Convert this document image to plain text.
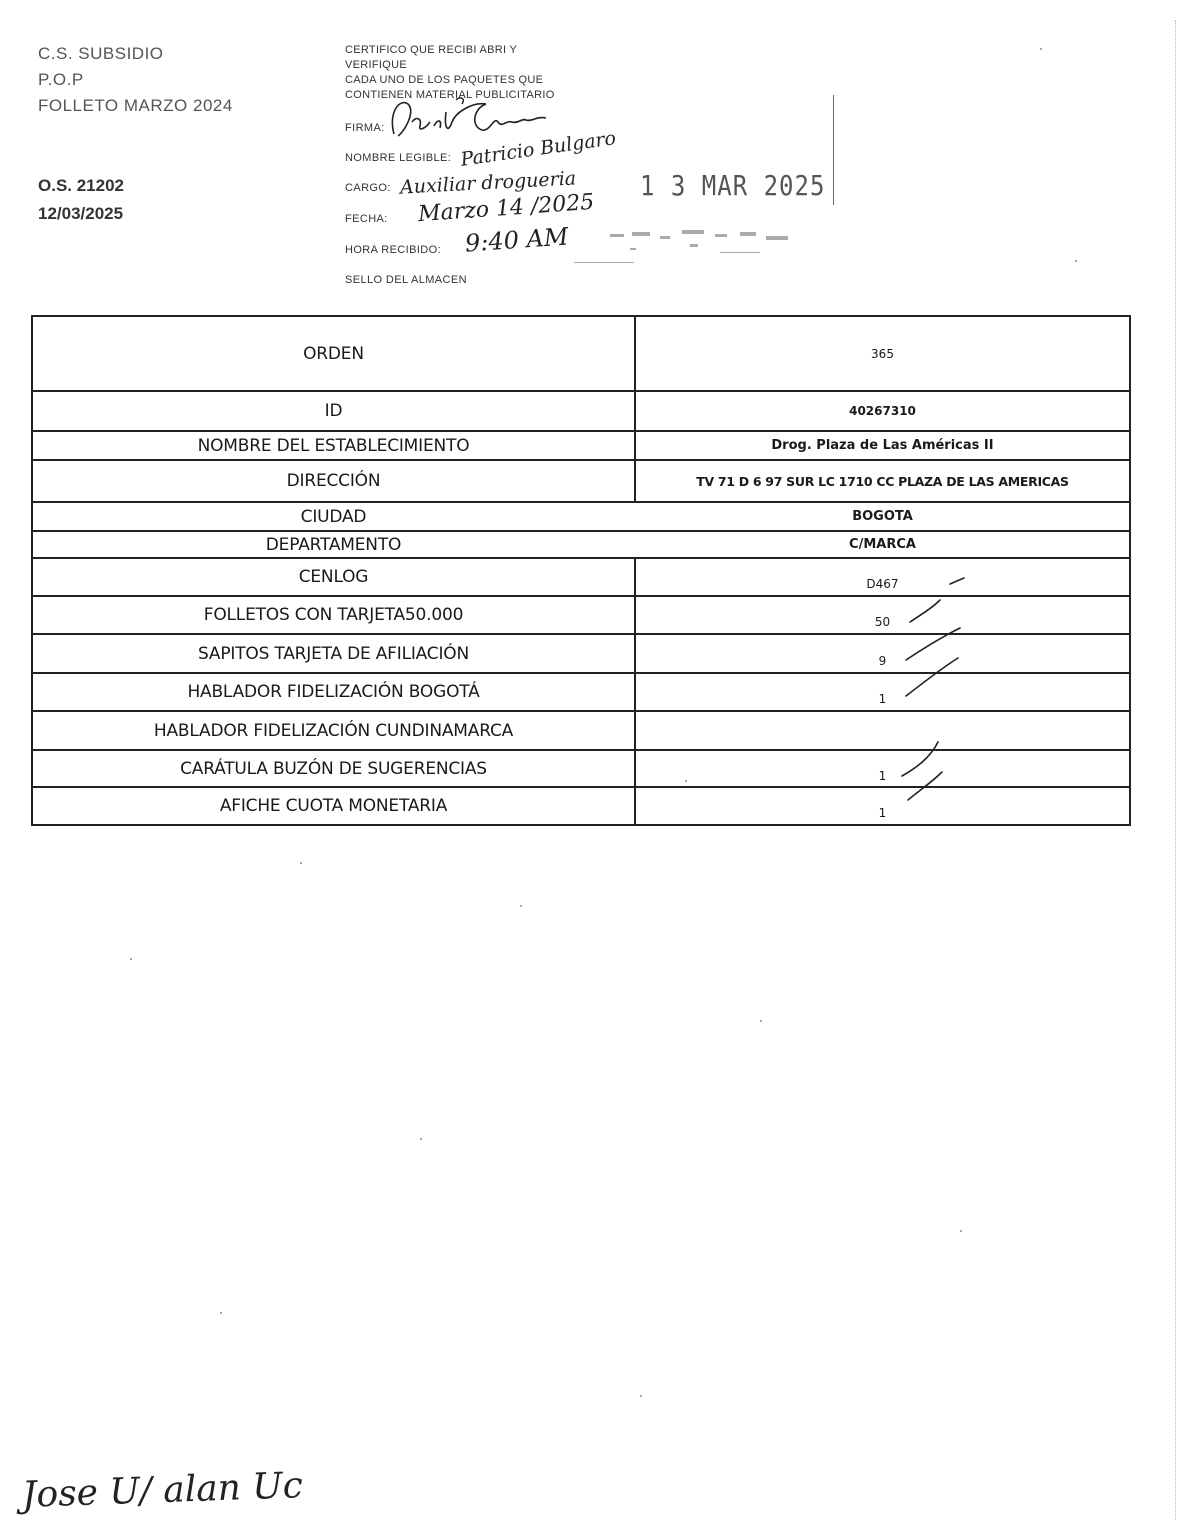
C.S. SUBSIDIO
P.O.P
FOLLETO MARZO 2024
O.S. 21202
12/03/2025
CERTIFICO QUE RECIBI ABRI Y
VERIFIQUE
CADA UNO DE LOS PAQUETES QUE
CONTIENEN MATERIAL PUBLICITARIO
FIRMA:
NOMBRE LEGIBLE:
CARGO:
FECHA:
HORA RECIBIDO:
SELLO DEL ALMACEN
Patricio Bulgaro
Auxiliar drogueria
Marzo 14 /2025
9:40 AM
1 3 MAR 2025
ORDEN	365
ID	40267310
NOMBRE DEL ESTABLECIMIENTO	Drog. Plaza de Las Américas II
DIRECCIÓN	TV 71 D 6 97 SUR LC 1710 CC PLAZA DE LAS AMERICAS
CIUDAD	BOGOTA
DEPARTAMENTO	C/MARCA
CENLOG	D467
FOLLETOS CON TARJETA50.000	50
SAPITOS TARJETA DE AFILIACIÓN	9
HABLADOR FIDELIZACIÓN BOGOTÁ	1
HABLADOR FIDELIZACIÓN CUNDINAMARCA	
CARÁTULA BUZÓN DE SUGERENCIAS	1
AFICHE CUOTA MONETARIA	1
Jose U/ alan Uc
